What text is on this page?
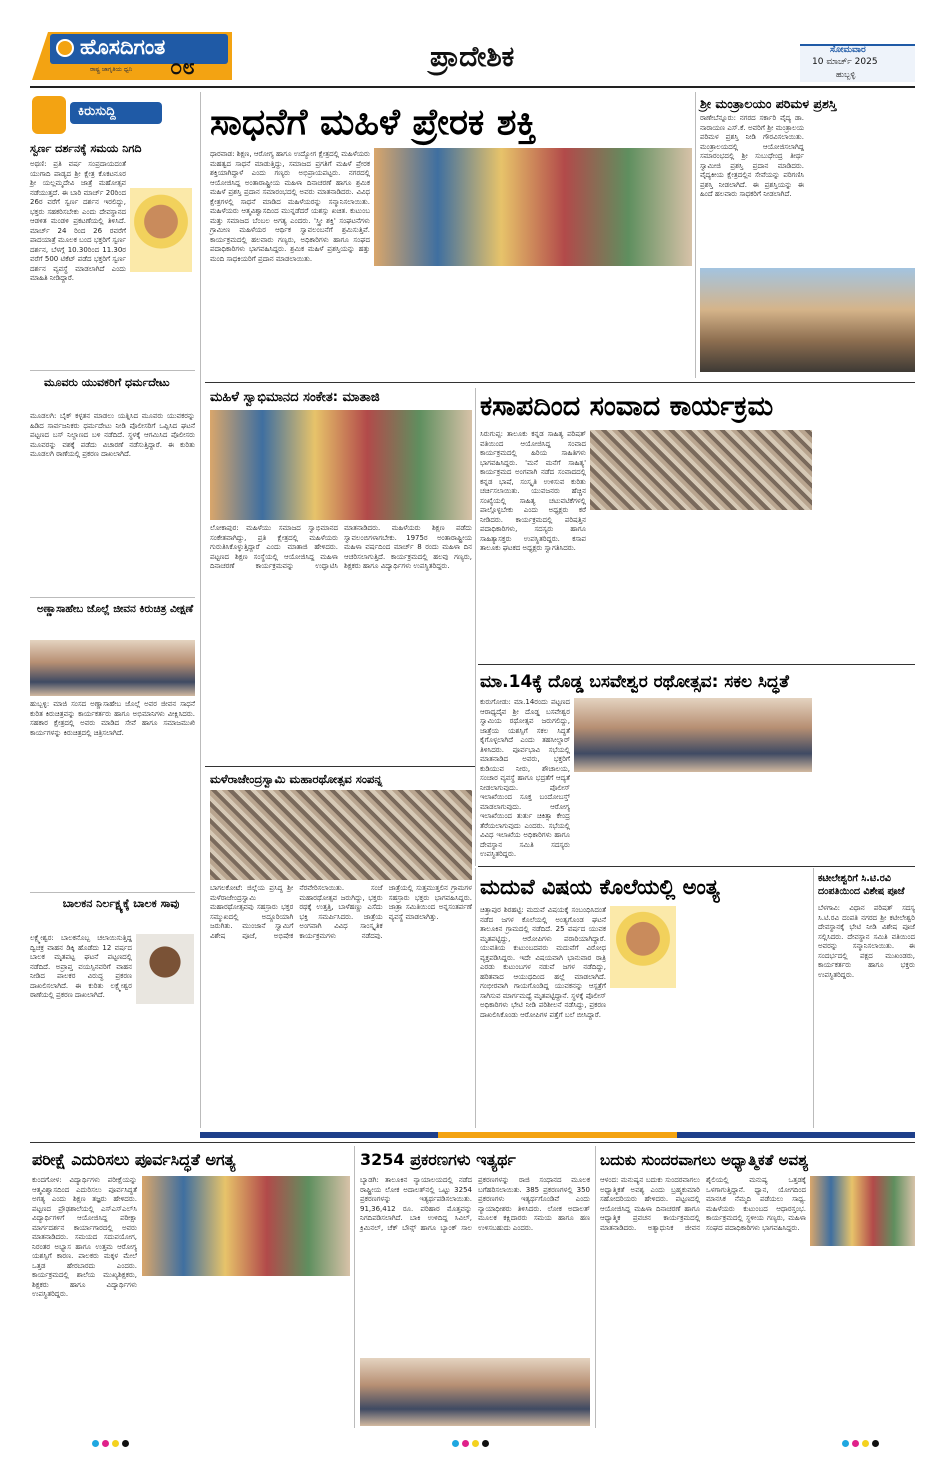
ಹೊಸದಿಗಂತ
ರಾಷ್ಟ್ರ ಜಾಗೃತಿಯ ಧ್ವನಿ ೦೮	ಪ್ರಾದೇಶಿಕ	ಸೋಮವಾರ
10 ಮಾರ್ಚ್ 2025
ಹುಬ್ಬಳ್ಳಿ
ಕಿರುಸುದ್ದಿ
ಸ್ವರ್ಣ ದರ್ಶನಕ್ಕೆ ಸಮಯ ನಿಗದಿ
ಅಥಣಿ: ಪ್ರತಿ ವರ್ಷ ಸಂಪ್ರದಾಯದಂತೆ ಯುಗಾದಿ ಪಾಡ್ಯದ ಶ್ರೀ ಕ್ಷೇತ್ರ ಕೊಕಟನೂರ ಶ್ರೀ ಯಲ್ಲಮ್ಮದೇವಿ ಜಾತ್ರೆ ಮಹೋತ್ಸವ ನಡೆಯುತ್ತದೆ. ಈ ಬಾರಿ ಮಾರ್ಚ್ 20ರಿಂದ 26ರ ವರೆಗೆ ಸ್ವರ್ಣ ದರ್ಶನ ಇರಲಿದ್ದು, ಭಕ್ತರು ಸಹಕರಿಸಬೇಕು ಎಂದು ದೇವಸ್ಥಾನದ ಆಡಳಿತ ಮಂಡಳಿ ಪ್ರಕಟಣೆಯಲ್ಲಿ ತಿಳಿಸಿದೆ. ಮಾರ್ಚ್ 24 ರಿಂದ 26 ರವರೆಗೆ ಪಾದಯಾತ್ರೆ ಮೂಲಕ ಬಂದ ಭಕ್ತರಿಗೆ ಸ್ವರ್ಣ ದರ್ಶನ, ಬೆಳಗ್ಗೆ 10.30ರಿಂದ 11.30ರ ವರೆಗೆ 500 ಟಿಕೆಟ್ ಪಡೆದ ಭಕ್ತರಿಗೆ ಸ್ವರ್ಣ ದರ್ಶನ ವ್ಯವಸ್ಥೆ ಮಾಡಲಾಗಿದೆ ಎಂದು ಮಾಹಿತಿ ನೀಡಿದ್ದಾರೆ.
ಮೂವರು ಯುವಕರಿಗೆ ಧರ್ಮದೇಟು
ಮೂಡಲಗಿ: ಬೈಕ್ ಕಳ್ಳತನ ಮಾಡಲು ಯತ್ನಿಸಿದ ಮೂವರು ಯುವಕರನ್ನು ಹಿಡಿದ ಸಾರ್ವಜನಿಕರು ಧರ್ಮದೇಟು ನೀಡಿ ಪೊಲೀಸರಿಗೆ ಒಪ್ಪಿಸಿದ ಘಟನೆ ಪಟ್ಟಣದ ಬಸ್ ನಿಲ್ದಾಣದ ಬಳಿ ನಡೆದಿದೆ. ಸ್ಥಳಕ್ಕೆ ಆಗಮಿಸಿದ ಪೊಲೀಸರು ಮೂವರನ್ನು ವಶಕ್ಕೆ ಪಡೆದು ವಿಚಾರಣೆ ನಡೆಸುತ್ತಿದ್ದಾರೆ. ಈ ಕುರಿತು ಮೂಡಲಗಿ ಠಾಣೆಯಲ್ಲಿ ಪ್ರಕರಣ ದಾಖಲಾಗಿದೆ.
ಅಣ್ಣಾಸಾಹೇಬ ಜೊಲ್ಲೆ ಜೀವನ ಕಿರುಚಿತ್ರ ವೀಕ್ಷಣೆ
ಹುಬ್ಬಳ್ಳಿ: ಮಾಜಿ ಸಂಸದ ಅಣ್ಣಾಸಾಹೇಬ ಜೊಲ್ಲೆ ಅವರ ಜೀವನ ಸಾಧನೆ ಕುರಿತ ಕಿರುಚಿತ್ರವನ್ನು ಕಾರ್ಯಕರ್ತರು ಹಾಗೂ ಅಭಿಮಾನಿಗಳು ವೀಕ್ಷಿಸಿದರು. ಸಹಕಾರ ಕ್ಷೇತ್ರದಲ್ಲಿ ಅವರು ಮಾಡಿದ ಸೇವೆ ಹಾಗೂ ಸಮಾಜಮುಖಿ ಕಾರ್ಯಗಳನ್ನು ಕಿರುಚಿತ್ರದಲ್ಲಿ ಚಿತ್ರಿಸಲಾಗಿದೆ.
ಬಾಲಕನ ನಿರ್ಲಕ್ಷ್ಯಕ್ಕೆ ಬಾಲಕ ಸಾವು
ಲಕ್ಷ್ಮೇಶ್ವರ: ಬಾಲಕನೊಬ್ಬ ಚಲಾಯಿಸುತ್ತಿದ್ದ ದ್ವಿಚಕ್ರ ವಾಹನ ಡಿಕ್ಕಿ ಹೊಡೆದು 12 ವರ್ಷದ ಬಾಲಕ ಮೃತಪಟ್ಟ ಘಟನೆ ಪಟ್ಟಣದಲ್ಲಿ ನಡೆದಿದೆ. ಅಪ್ರಾಪ್ತ ವಯಸ್ಸಿನವರಿಗೆ ವಾಹನ ನೀಡಿದ ಪಾಲಕರ ವಿರುದ್ಧ ಪ್ರಕರಣ ದಾಖಲಿಸಲಾಗಿದೆ. ಈ ಕುರಿತು ಲಕ್ಷ್ಮೇಶ್ವರ ಠಾಣೆಯಲ್ಲಿ ಪ್ರಕರಣ ದಾಖಲಾಗಿದೆ.
ಸಾಧನೆಗೆ ಮಹಿಳೆ ಪ್ರೇರಕ ಶಕ್ತಿ
ಧಾರವಾಡ: ಶಿಕ್ಷಣ, ಆರೋಗ್ಯ ಹಾಗೂ ಉದ್ಯೋಗ ಕ್ಷೇತ್ರದಲ್ಲಿ ಮಹಿಳೆಯರು ಮಹತ್ವದ ಸಾಧನೆ ಮಾಡುತ್ತಿದ್ದು, ಸಮಾಜದ ಪ್ರಗತಿಗೆ ಮಹಿಳೆ ಪ್ರೇರಕ ಶಕ್ತಿಯಾಗಿದ್ದಾಳೆ ಎಂದು ಗಣ್ಯರು ಅಭಿಪ್ರಾಯಪಟ್ಟರು. ನಗರದಲ್ಲಿ ಆಯೋಜಿಸಿದ್ದ ಅಂತಾರಾಷ್ಟ್ರೀಯ ಮಹಿಳಾ ದಿನಾಚರಣೆ ಹಾಗೂ ಶ್ರಮಿಕ ಮಹಿಳೆ ಪ್ರಶಸ್ತಿ ಪ್ರದಾನ ಸಮಾರಂಭದಲ್ಲಿ ಅವರು ಮಾತನಾಡಿದರು. ವಿವಿಧ ಕ್ಷೇತ್ರಗಳಲ್ಲಿ ಸಾಧನೆ ಮಾಡಿದ ಮಹಿಳೆಯರನ್ನು ಸನ್ಮಾನಿಸಲಾಯಿತು. ಮಹಿಳೆಯರು ಆತ್ಮವಿಶ್ವಾಸದಿಂದ ಮುನ್ನಡೆದರೆ ಯಶಸ್ಸು ಖಚಿತ. ಕುಟುಂಬ ಮತ್ತು ಸಮಾಜದ ಬೆಂಬಲ ಅಗತ್ಯ ಎಂದರು. 'ಸ್ತ್ರೀ ಶಕ್ತಿ' ಸಂಘಟನೆಗಳು ಗ್ರಾಮೀಣ ಮಹಿಳೆಯರ ಆರ್ಥಿಕ ಸ್ವಾವಲಂಬನೆಗೆ ಶ್ರಮಿಸುತ್ತಿವೆ. ಕಾರ್ಯಕ್ರಮದಲ್ಲಿ ಹಲವಾರು ಗಣ್ಯರು, ಅಧಿಕಾರಿಗಳು ಹಾಗೂ ಸಂಘದ ಪದಾಧಿಕಾರಿಗಳು ಭಾಗವಹಿಸಿದ್ದರು. ಶ್ರಮಿಕ ಮಹಿಳೆ ಪ್ರಶಸ್ತಿಯನ್ನು ಹತ್ತು ಮಂದಿ ಸಾಧಕಿಯರಿಗೆ ಪ್ರದಾನ ಮಾಡಲಾಯಿತು.
ಶ್ರೀ ಮಂತ್ರಾಲಯಂ ಪರಿಮಳ ಪ್ರಶಸ್ತಿ
ರಾಣೇಬೆನ್ನೂರು: ನಗರದ ಸರ್ಕಾರಿ ವೈದ್ಯ ಡಾ. ನಾರಾಯಣ ಎಸ್.ಕೆ. ಅವರಿಗೆ ಶ್ರೀ ಮಂತ್ರಾಲಯ ಪರಿಮಳ ಪ್ರಶಸ್ತಿ ನೀಡಿ ಗೌರವಿಸಲಾಯಿತು. ಮಂತ್ರಾಲಯದಲ್ಲಿ ಆಯೋಜಿಸಲಾಗಿದ್ದ ಸಮಾರಂಭದಲ್ಲಿ ಶ್ರೀ ಸುಬುಧೇಂದ್ರ ತೀರ್ಥ ಸ್ವಾಮೀಜಿ ಪ್ರಶಸ್ತಿ ಪ್ರದಾನ ಮಾಡಿದರು. ವೈದ್ಯಕೀಯ ಕ್ಷೇತ್ರದಲ್ಲಿನ ಸೇವೆಯನ್ನು ಪರಿಗಣಿಸಿ ಪ್ರಶಸ್ತಿ ನೀಡಲಾಗಿದೆ. ಈ ಪ್ರಶಸ್ತಿಯನ್ನು ಈ ಹಿಂದೆ ಹಲವಾರು ಸಾಧಕರಿಗೆ ನೀಡಲಾಗಿದೆ.
ಮಹಿಳೆ ಸ್ವಾಭಿಮಾನದ ಸಂಕೇತ: ಮಾತಾಜಿ
ಲೋಕಾಪುರ: ಮಹಿಳೆಯು ಸಮಾಜದ ಸ್ವಾಭಿಮಾನದ ಸಂಕೇತವಾಗಿದ್ದು, ಪ್ರತಿ ಕ್ಷೇತ್ರದಲ್ಲಿ ಮಹಿಳೆಯರು ಗುರುತಿಸಿಕೊಳ್ಳುತ್ತಿದ್ದಾರೆ ಎಂದು ಮಾತಾಜಿ ಹೇಳಿದರು. ಪಟ್ಟಣದ ಶಿಕ್ಷಣ ಸಂಸ್ಥೆಯಲ್ಲಿ ಆಯೋಜಿಸಿದ್ದ ಮಹಿಳಾ ದಿನಾಚರಣೆ ಕಾರ್ಯಕ್ರಮವನ್ನು ಉದ್ಘಾಟಿಸಿ ಮಾತನಾಡಿದರು. ಮಹಿಳೆಯರು ಶಿಕ್ಷಣ ಪಡೆದು ಸ್ವಾವಲಂಬಿಗಳಾಗಬೇಕು. 1975ರ ಅಂತಾರಾಷ್ಟ್ರೀಯ ಮಹಿಳಾ ವರ್ಷದಿಂದ ಮಾರ್ಚ್ 8 ರಂದು ಮಹಿಳಾ ದಿನ ಆಚರಿಸಲಾಗುತ್ತಿದೆ. ಕಾರ್ಯಕ್ರಮದಲ್ಲಿ ಹಲವು ಗಣ್ಯರು, ಶಿಕ್ಷಕರು ಹಾಗೂ ವಿದ್ಯಾರ್ಥಿಗಳು ಉಪಸ್ಥಿತರಿದ್ದರು.
ಕಸಾಪದಿಂದ ಸಂವಾದ ಕಾರ್ಯಕ್ರಮ
ಸಿರುಗುಪ್ಪ: ತಾಲೂಕು ಕನ್ನಡ ಸಾಹಿತ್ಯ ಪರಿಷತ್ ವತಿಯಿಂದ ಆಯೋಜಿಸಿದ್ದ ಸಂವಾದ ಕಾರ್ಯಕ್ರಮದಲ್ಲಿ ಹಿರಿಯ ಸಾಹಿತಿಗಳು ಭಾಗವಹಿಸಿದ್ದರು. 'ಮನೆ ಮನೆಗೆ ಸಾಹಿತ್ಯ' ಕಾರ್ಯಕ್ರಮದ ಅಂಗವಾಗಿ ನಡೆದ ಸಂವಾದದಲ್ಲಿ ಕನ್ನಡ ಭಾಷೆ, ಸಂಸ್ಕೃತಿ ಉಳಿಸುವ ಕುರಿತು ಚರ್ಚಿಸಲಾಯಿತು. ಯುವಜನರು ಹೆಚ್ಚಿನ ಸಂಖ್ಯೆಯಲ್ಲಿ ಸಾಹಿತ್ಯ ಚಟುವಟಿಕೆಗಳಲ್ಲಿ ಪಾಲ್ಗೊಳ್ಳಬೇಕು ಎಂದು ಅಧ್ಯಕ್ಷರು ಕರೆ ನೀಡಿದರು. ಕಾರ್ಯಕ್ರಮದಲ್ಲಿ ಪರಿಷತ್ತಿನ ಪದಾಧಿಕಾರಿಗಳು, ಸದಸ್ಯರು ಹಾಗೂ ಸಾಹಿತ್ಯಾಸಕ್ತರು ಉಪಸ್ಥಿತರಿದ್ದರು. ಕಸಾಪ ತಾಲೂಕು ಘಟಕದ ಅಧ್ಯಕ್ಷರು ಸ್ವಾಗತಿಸಿದರು.
ಮಾ.14ಕ್ಕೆ ದೊಡ್ಡ ಬಸವೇಶ್ವರ ರಥೋತ್ಸವ: ಸಕಲ ಸಿದ್ಧತೆ
ಕುರುಗೋಡು: ಮಾ.14ರಂದು ಪಟ್ಟಣದ ಆರಾಧ್ಯದೈವ ಶ್ರೀ ದೊಡ್ಡ ಬಸವೇಶ್ವರ ಸ್ವಾಮಿಯ ರಥೋತ್ಸವ ಜರುಗಲಿದ್ದು, ಜಾತ್ರೆಯ ಯಶಸ್ಸಿಗೆ ಸಕಲ ಸಿದ್ಧತೆ ಕೈಗೊಳ್ಳಲಾಗಿದೆ ಎಂದು ತಹಸೀಲ್ದಾರ್ ತಿಳಿಸಿದರು. ಪೂರ್ವಭಾವಿ ಸಭೆಯಲ್ಲಿ ಮಾತನಾಡಿದ ಅವರು, ಭಕ್ತರಿಗೆ ಕುಡಿಯುವ ನೀರು, ಶೌಚಾಲಯ, ಸಂಚಾರ ವ್ಯವಸ್ಥೆ ಹಾಗೂ ಭದ್ರತೆಗೆ ಆದ್ಯತೆ ನೀಡಲಾಗುವುದು. ಪೊಲೀಸ್ ಇಲಾಖೆಯಿಂದ ಸೂಕ್ತ ಬಂದೋಬಸ್ತ್ ಮಾಡಲಾಗುವುದು. ಆರೋಗ್ಯ ಇಲಾಖೆಯಿಂದ ತುರ್ತು ಚಿಕಿತ್ಸಾ ಕೇಂದ್ರ ತೆರೆಯಲಾಗುವುದು ಎಂದರು. ಸಭೆಯಲ್ಲಿ ವಿವಿಧ ಇಲಾಖೆಯ ಅಧಿಕಾರಿಗಳು ಹಾಗೂ ದೇವಸ್ಥಾನ ಸಮಿತಿ ಸದಸ್ಯರು ಉಪಸ್ಥಿತರಿದ್ದರು.
ಮಳೆರಾಜೇಂದ್ರಸ್ವಾಮಿ ಮಹಾರಥೋತ್ಸವ ಸಂಪನ್ನ
ಬಾಗಲಕೋಟೆ: ಜಿಲ್ಲೆಯ ಪ್ರಸಿದ್ಧ ಶ್ರೀ ಮಳೆರಾಜೇಂದ್ರಸ್ವಾಮಿ ಮಹಾರಥೋತ್ಸವವು ಸಹಸ್ರಾರು ಭಕ್ತರ ಸಮ್ಮುಖದಲ್ಲಿ ಅದ್ದೂರಿಯಾಗಿ ಜರುಗಿತು. ಮುಂಜಾನೆ ಸ್ವಾಮಿಗೆ ವಿಶೇಷ ಪೂಜೆ, ಅಭಿಷೇಕ ನೆರವೇರಿಸಲಾಯಿತು. ಸಂಜೆ ಮಹಾರಥೋತ್ಸವ ಜರುಗಿದ್ದು, ಭಕ್ತರು ರಥಕ್ಕೆ ಉತ್ತತ್ತಿ, ಬಾಳೆಹಣ್ಣು ಎಸೆದು ಭಕ್ತಿ ಸಮರ್ಪಿಸಿದರು. ಜಾತ್ರೆಯ ಅಂಗವಾಗಿ ವಿವಿಧ ಸಾಂಸ್ಕೃತಿಕ ಕಾರ್ಯಕ್ರಮಗಳು ನಡೆದವು. ಜಾತ್ರೆಯಲ್ಲಿ ಸುತ್ತಮುತ್ತಲಿನ ಗ್ರಾಮಗಳ ಸಹಸ್ರಾರು ಭಕ್ತರು ಭಾಗವಹಿಸಿದ್ದರು. ಜಾತ್ರಾ ಸಮಿತಿಯಿಂದ ಅನ್ನಸಂತರ್ಪಣೆ ವ್ಯವಸ್ಥೆ ಮಾಡಲಾಗಿತ್ತು.
ಮದುವೆ ವಿಷಯ ಕೊಲೆಯಲ್ಲಿ ಅಂತ್ಯ
ಚಿತ್ತಾಪುರ ಶಿರಹಟ್ಟಿ: ಮದುವೆ ವಿಷಯಕ್ಕೆ ಸಂಬಂಧಿಸಿದಂತೆ ನಡೆದ ಜಗಳ ಕೊಲೆಯಲ್ಲಿ ಅಂತ್ಯಗೊಂಡ ಘಟನೆ ತಾಲೂಕಿನ ಗ್ರಾಮದಲ್ಲಿ ನಡೆದಿದೆ. 25 ವರ್ಷದ ಯುವಕ ಮೃತಪಟ್ಟಿದ್ದು, ಆರೋಪಿಗಳು ಪರಾರಿಯಾಗಿದ್ದಾರೆ. ಯುವತಿಯ ಕುಟುಂಬದವರು ಮದುವೆಗೆ ವಿರೋಧ ವ್ಯಕ್ತಪಡಿಸಿದ್ದರು. ಇದೇ ವಿಷಯವಾಗಿ ಭಾನುವಾರ ರಾತ್ರಿ ಎರಡು ಕುಟುಂಬಗಳ ನಡುವೆ ಜಗಳ ನಡೆದಿದ್ದು, ಹರಿತವಾದ ಆಯುಧದಿಂದ ಹಲ್ಲೆ ಮಾಡಲಾಗಿದೆ. ಗಂಭೀರವಾಗಿ ಗಾಯಗೊಂಡಿದ್ದ ಯುವಕನನ್ನು ಆಸ್ಪತ್ರೆಗೆ ಸಾಗಿಸುವ ಮಾರ್ಗಮಧ್ಯೆ ಮೃತಪಟ್ಟಿದ್ದಾನೆ. ಸ್ಥಳಕ್ಕೆ ಪೊಲೀಸ್ ಅಧಿಕಾರಿಗಳು ಭೇಟಿ ನೀಡಿ ಪರಿಶೀಲನೆ ನಡೆಸಿದ್ದು, ಪ್ರಕರಣ ದಾಖಲಿಸಿಕೊಂಡು ಆರೋಪಿಗಳ ಪತ್ತೆಗೆ ಬಲೆ ಬೀಸಿದ್ದಾರೆ.
ಕಟೀಲೇಶ್ವರಿಗೆ ಸಿ.ಟಿ.ರವಿ ದಂಪತಿಯಿಂದ ವಿಶೇಷ ಪೂಜೆ
ಬೆಳಗಾವಿ: ವಿಧಾನ ಪರಿಷತ್ ಸದಸ್ಯ ಸಿ.ಟಿ.ರವಿ ದಂಪತಿ ನಗರದ ಶ್ರೀ ಕಟೀಲೇಶ್ವರಿ ದೇವಸ್ಥಾನಕ್ಕೆ ಭೇಟಿ ನೀಡಿ ವಿಶೇಷ ಪೂಜೆ ಸಲ್ಲಿಸಿದರು. ದೇವಸ್ಥಾನ ಸಮಿತಿ ವತಿಯಿಂದ ಅವರನ್ನು ಸನ್ಮಾನಿಸಲಾಯಿತು. ಈ ಸಂದರ್ಭದಲ್ಲಿ ಪಕ್ಷದ ಮುಖಂಡರು, ಕಾರ್ಯಕರ್ತರು ಹಾಗೂ ಭಕ್ತರು ಉಪಸ್ಥಿತರಿದ್ದರು.
ಪರೀಕ್ಷೆ ಎದುರಿಸಲು ಪೂರ್ವಸಿದ್ಧತೆ ಅಗತ್ಯ
ಕುಂದಗೋಳ: ವಿದ್ಯಾರ್ಥಿಗಳು ಪರೀಕ್ಷೆಯನ್ನು ಆತ್ಮವಿಶ್ವಾಸದಿಂದ ಎದುರಿಸಲು ಪೂರ್ವಸಿದ್ಧತೆ ಅಗತ್ಯ ಎಂದು ಶಿಕ್ಷಣ ತಜ್ಞರು ಹೇಳಿದರು. ಪಟ್ಟಣದ ಪ್ರೌಢಶಾಲೆಯಲ್ಲಿ ಎಸ್ಎಸ್ಎಲ್‌ಸಿ ವಿದ್ಯಾರ್ಥಿಗಳಿಗೆ ಆಯೋಜಿಸಿದ್ದ ಪರೀಕ್ಷಾ ಮಾರ್ಗದರ್ಶನ ಕಾರ್ಯಾಗಾರದಲ್ಲಿ ಅವರು ಮಾತನಾಡಿದರು. ಸಮಯದ ಸದುಪಯೋಗ, ನಿರಂತರ ಅಭ್ಯಾಸ ಹಾಗೂ ಉತ್ತಮ ಆರೋಗ್ಯ ಯಶಸ್ಸಿಗೆ ಕಾರಣ. ಪಾಲಕರು ಮಕ್ಕಳ ಮೇಲೆ ಒತ್ತಡ ಹೇರಬಾರದು ಎಂದರು. ಕಾರ್ಯಕ್ರಮದಲ್ಲಿ ಶಾಲೆಯ ಮುಖ್ಯಶಿಕ್ಷಕರು, ಶಿಕ್ಷಕರು ಹಾಗೂ ವಿದ್ಯಾರ್ಥಿಗಳು ಉಪಸ್ಥಿತರಿದ್ದರು.
3254 ಪ್ರಕರಣಗಳು ಇತ್ಯರ್ಥ
ಬ್ಯಾಡಗಿ: ತಾಲೂಕಿನ ನ್ಯಾಯಾಲಯದಲ್ಲಿ ನಡೆದ ರಾಷ್ಟ್ರೀಯ ಲೋಕ ಅದಾಲತ್‌ನಲ್ಲಿ ಒಟ್ಟು 3254 ಪ್ರಕರಣಗಳನ್ನು ಇತ್ಯರ್ಥಪಡಿಸಲಾಯಿತು. 91,36,412 ರೂ. ಪರಿಹಾರ ಮೊತ್ತವನ್ನು ನಿಗದಿಪಡಿಸಲಾಗಿದೆ. ಬಾಕಿ ಉಳಿದಿದ್ದ ಸಿವಿಲ್, ಕ್ರಿಮಿನಲ್, ಚೆಕ್ ಬೌನ್ಸ್ ಹಾಗೂ ಬ್ಯಾಂಕ್ ಸಾಲ ಪ್ರಕರಣಗಳನ್ನು ರಾಜಿ ಸಂಧಾನದ ಮೂಲಕ ಬಗೆಹರಿಸಲಾಯಿತು. 385 ಪ್ರಕರಣಗಳಲ್ಲಿ 350 ಪ್ರಕರಣಗಳು ಇತ್ಯರ್ಥಗೊಂಡಿವೆ ಎಂದು ನ್ಯಾಯಾಧೀಶರು ತಿಳಿಸಿದರು. ಲೋಕ ಅದಾಲತ್ ಮೂಲಕ ಕಕ್ಷಿದಾರರು ಸಮಯ ಹಾಗೂ ಹಣ ಉಳಿಸಬಹುದು ಎಂದರು.
ಬದುಕು ಸುಂದರವಾಗಲು ಅಧ್ಯಾತ್ಮಿಕತೆ ಅವಶ್ಯ
ಆಳಂದ: ಮನುಷ್ಯನ ಬದುಕು ಸುಂದರವಾಗಲು ಅಧ್ಯಾತ್ಮಿಕತೆ ಅವಶ್ಯ ಎಂದು ಬ್ರಹ್ಮಕುಮಾರಿ ಸಹೋದರಿಯರು ಹೇಳಿದರು. ಪಟ್ಟಣದಲ್ಲಿ ಆಯೋಜಿಸಿದ್ದ ಮಹಿಳಾ ದಿನಾಚರಣೆ ಹಾಗೂ ಆಧ್ಯಾತ್ಮಿಕ ಪ್ರವಚನ ಕಾರ್ಯಕ್ರಮದಲ್ಲಿ ಮಾತನಾಡಿದರು. ಅತ್ಯಾಧುನಿಕ ಜೀವನ ಶೈಲಿಯಲ್ಲಿ ಮನುಷ್ಯ ಒತ್ತಡಕ್ಕೆ ಒಳಗಾಗುತ್ತಿದ್ದಾನೆ. ಧ್ಯಾನ, ಯೋಗದಿಂದ ಮಾನಸಿಕ ನೆಮ್ಮದಿ ಪಡೆಯಲು ಸಾಧ್ಯ. ಮಹಿಳೆಯರು ಕುಟುಂಬದ ಆಧಾರಸ್ತಂಭ. ಕಾರ್ಯಕ್ರಮದಲ್ಲಿ ಸ್ಥಳೀಯ ಗಣ್ಯರು, ಮಹಿಳಾ ಸಂಘದ ಪದಾಧಿಕಾರಿಗಳು ಭಾಗವಹಿಸಿದ್ದರು.
